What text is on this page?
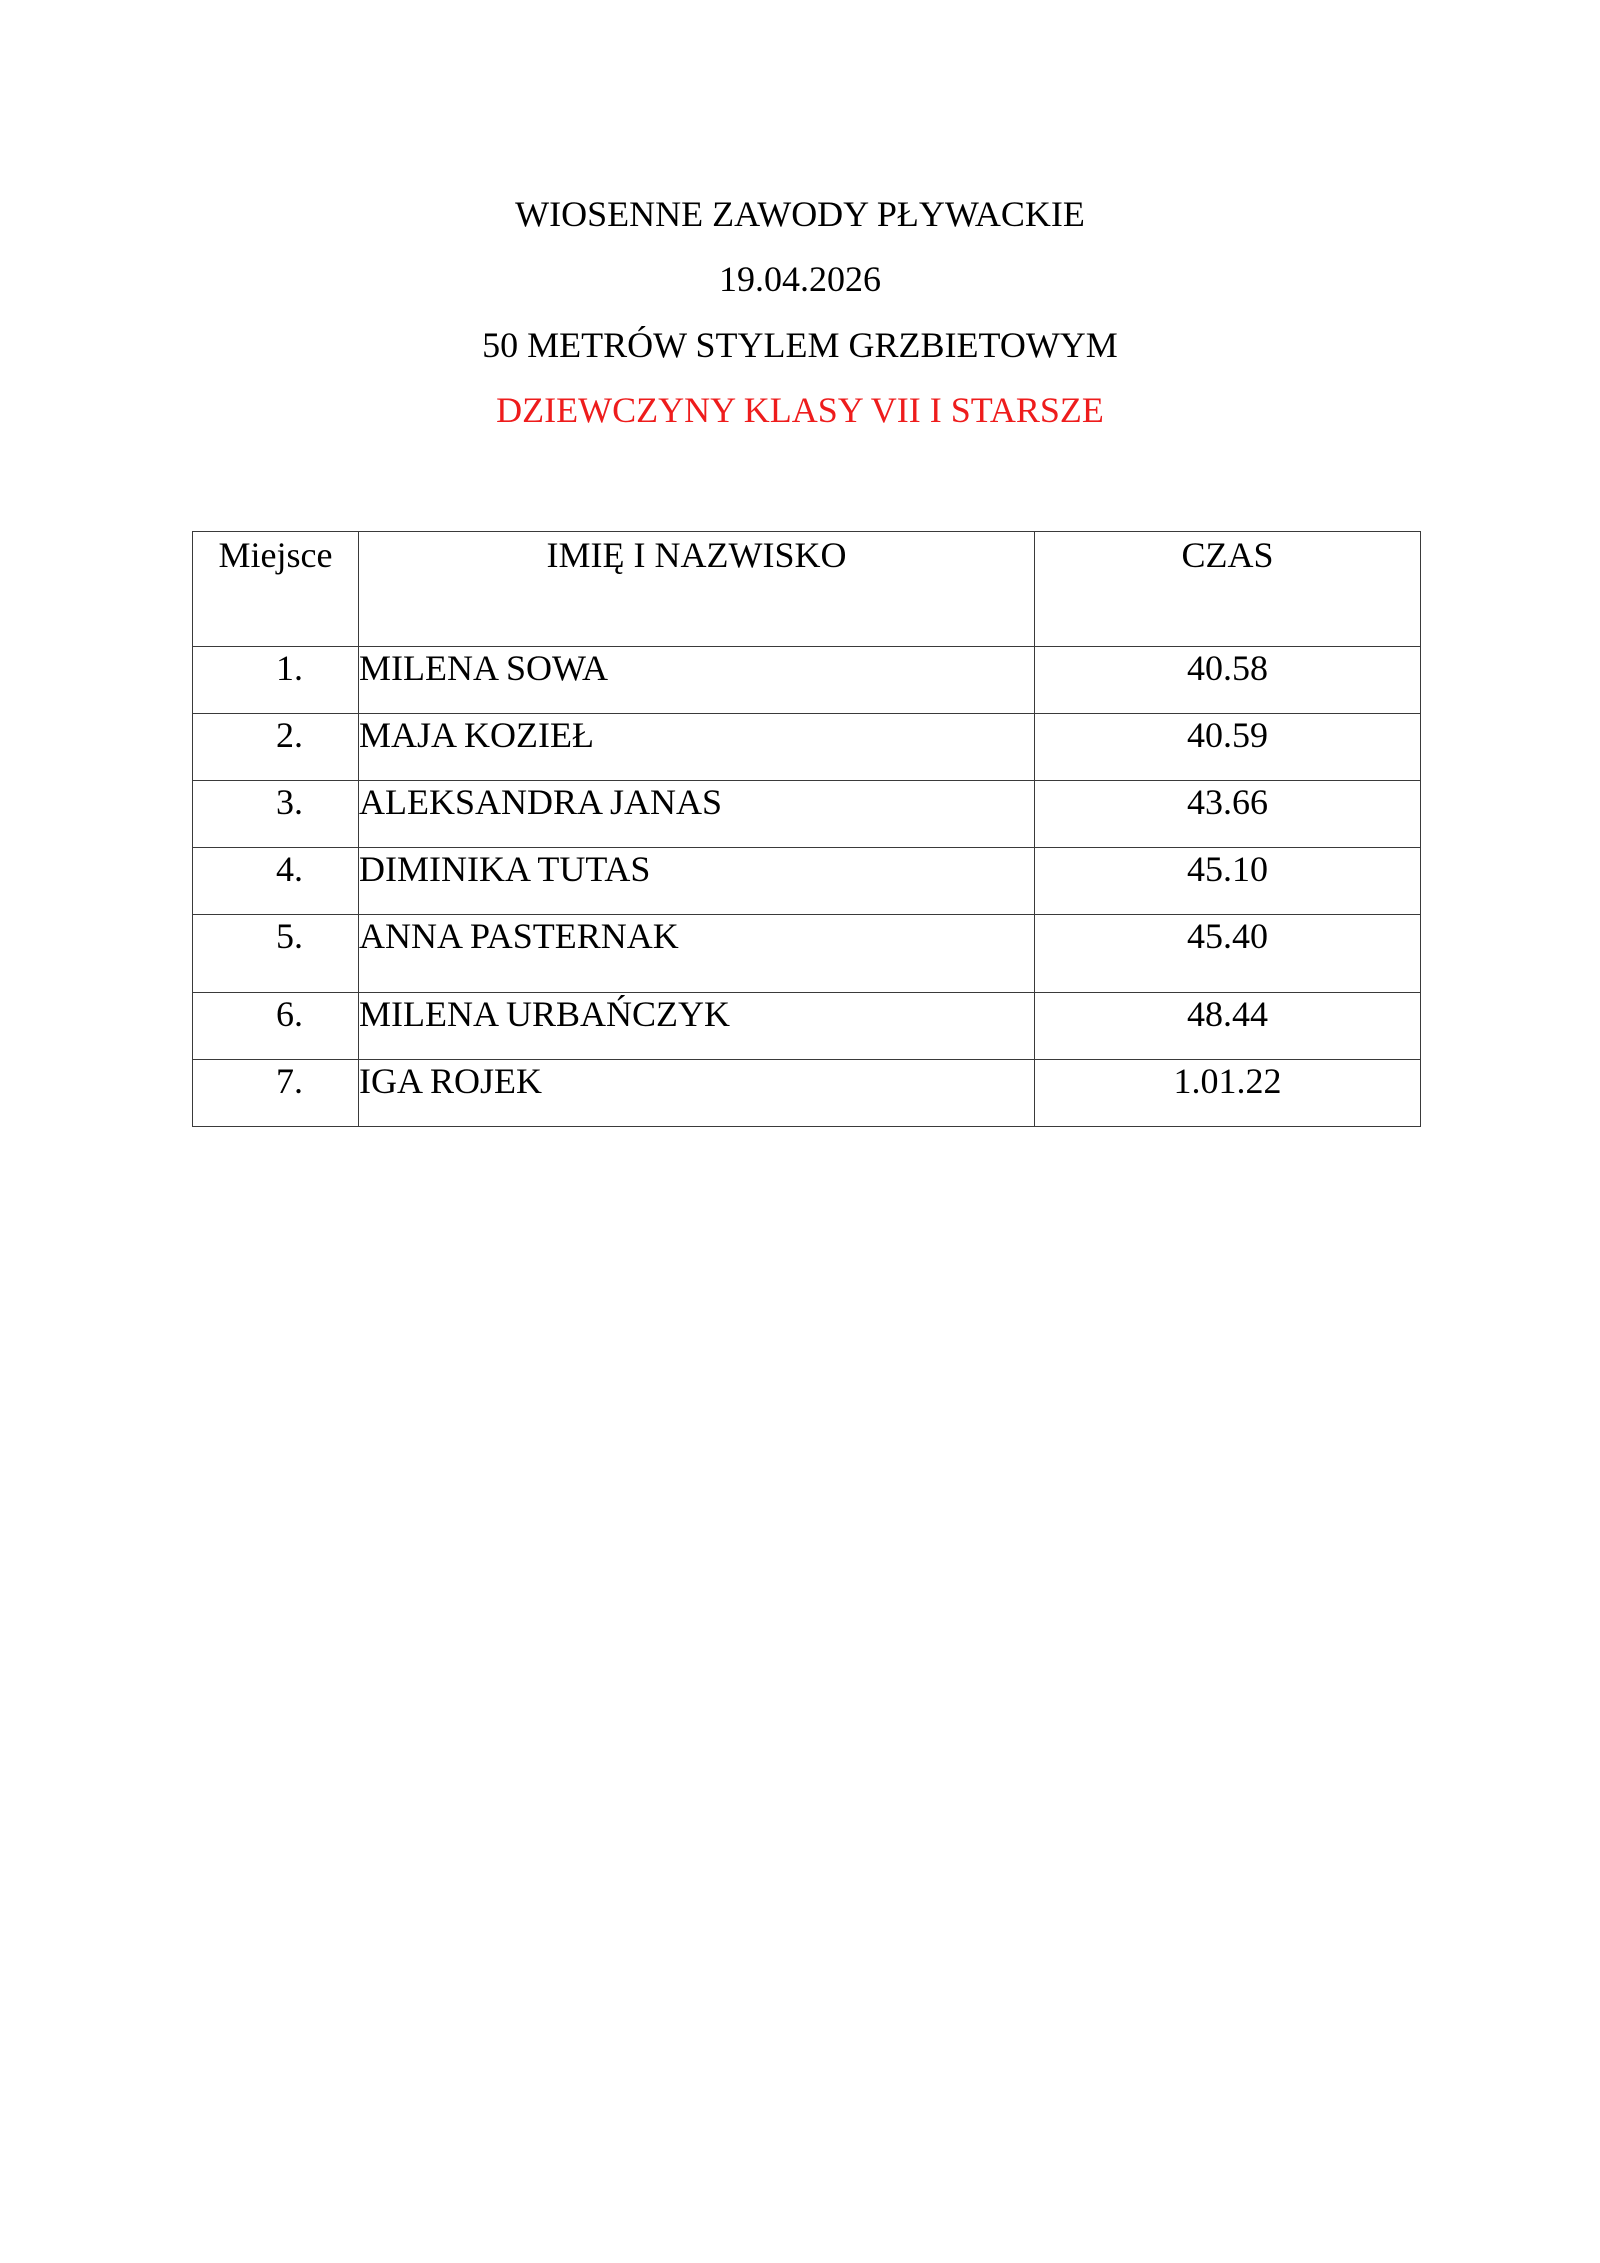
WIOSENNE ZAWODY PŁYWACKIE
19.04.2026
50 METRÓW STYLEM GRZBIETOWYM
DZIEWCZYNY KLASY VII I STARSZE
Miejsce	IMIĘ I NAZWISKO	CZAS
1.	MILENA SOWA	40.58
2.	MAJA KOZIEŁ	40.59
3.	ALEKSANDRA JANAS	43.66
4.	DIMINIKA TUTAS	45.10
5.	ANNA PASTERNAK	45.40
6.	MILENA URBAŃCZYK	48.44
7.	IGA ROJEK	1.01.22
